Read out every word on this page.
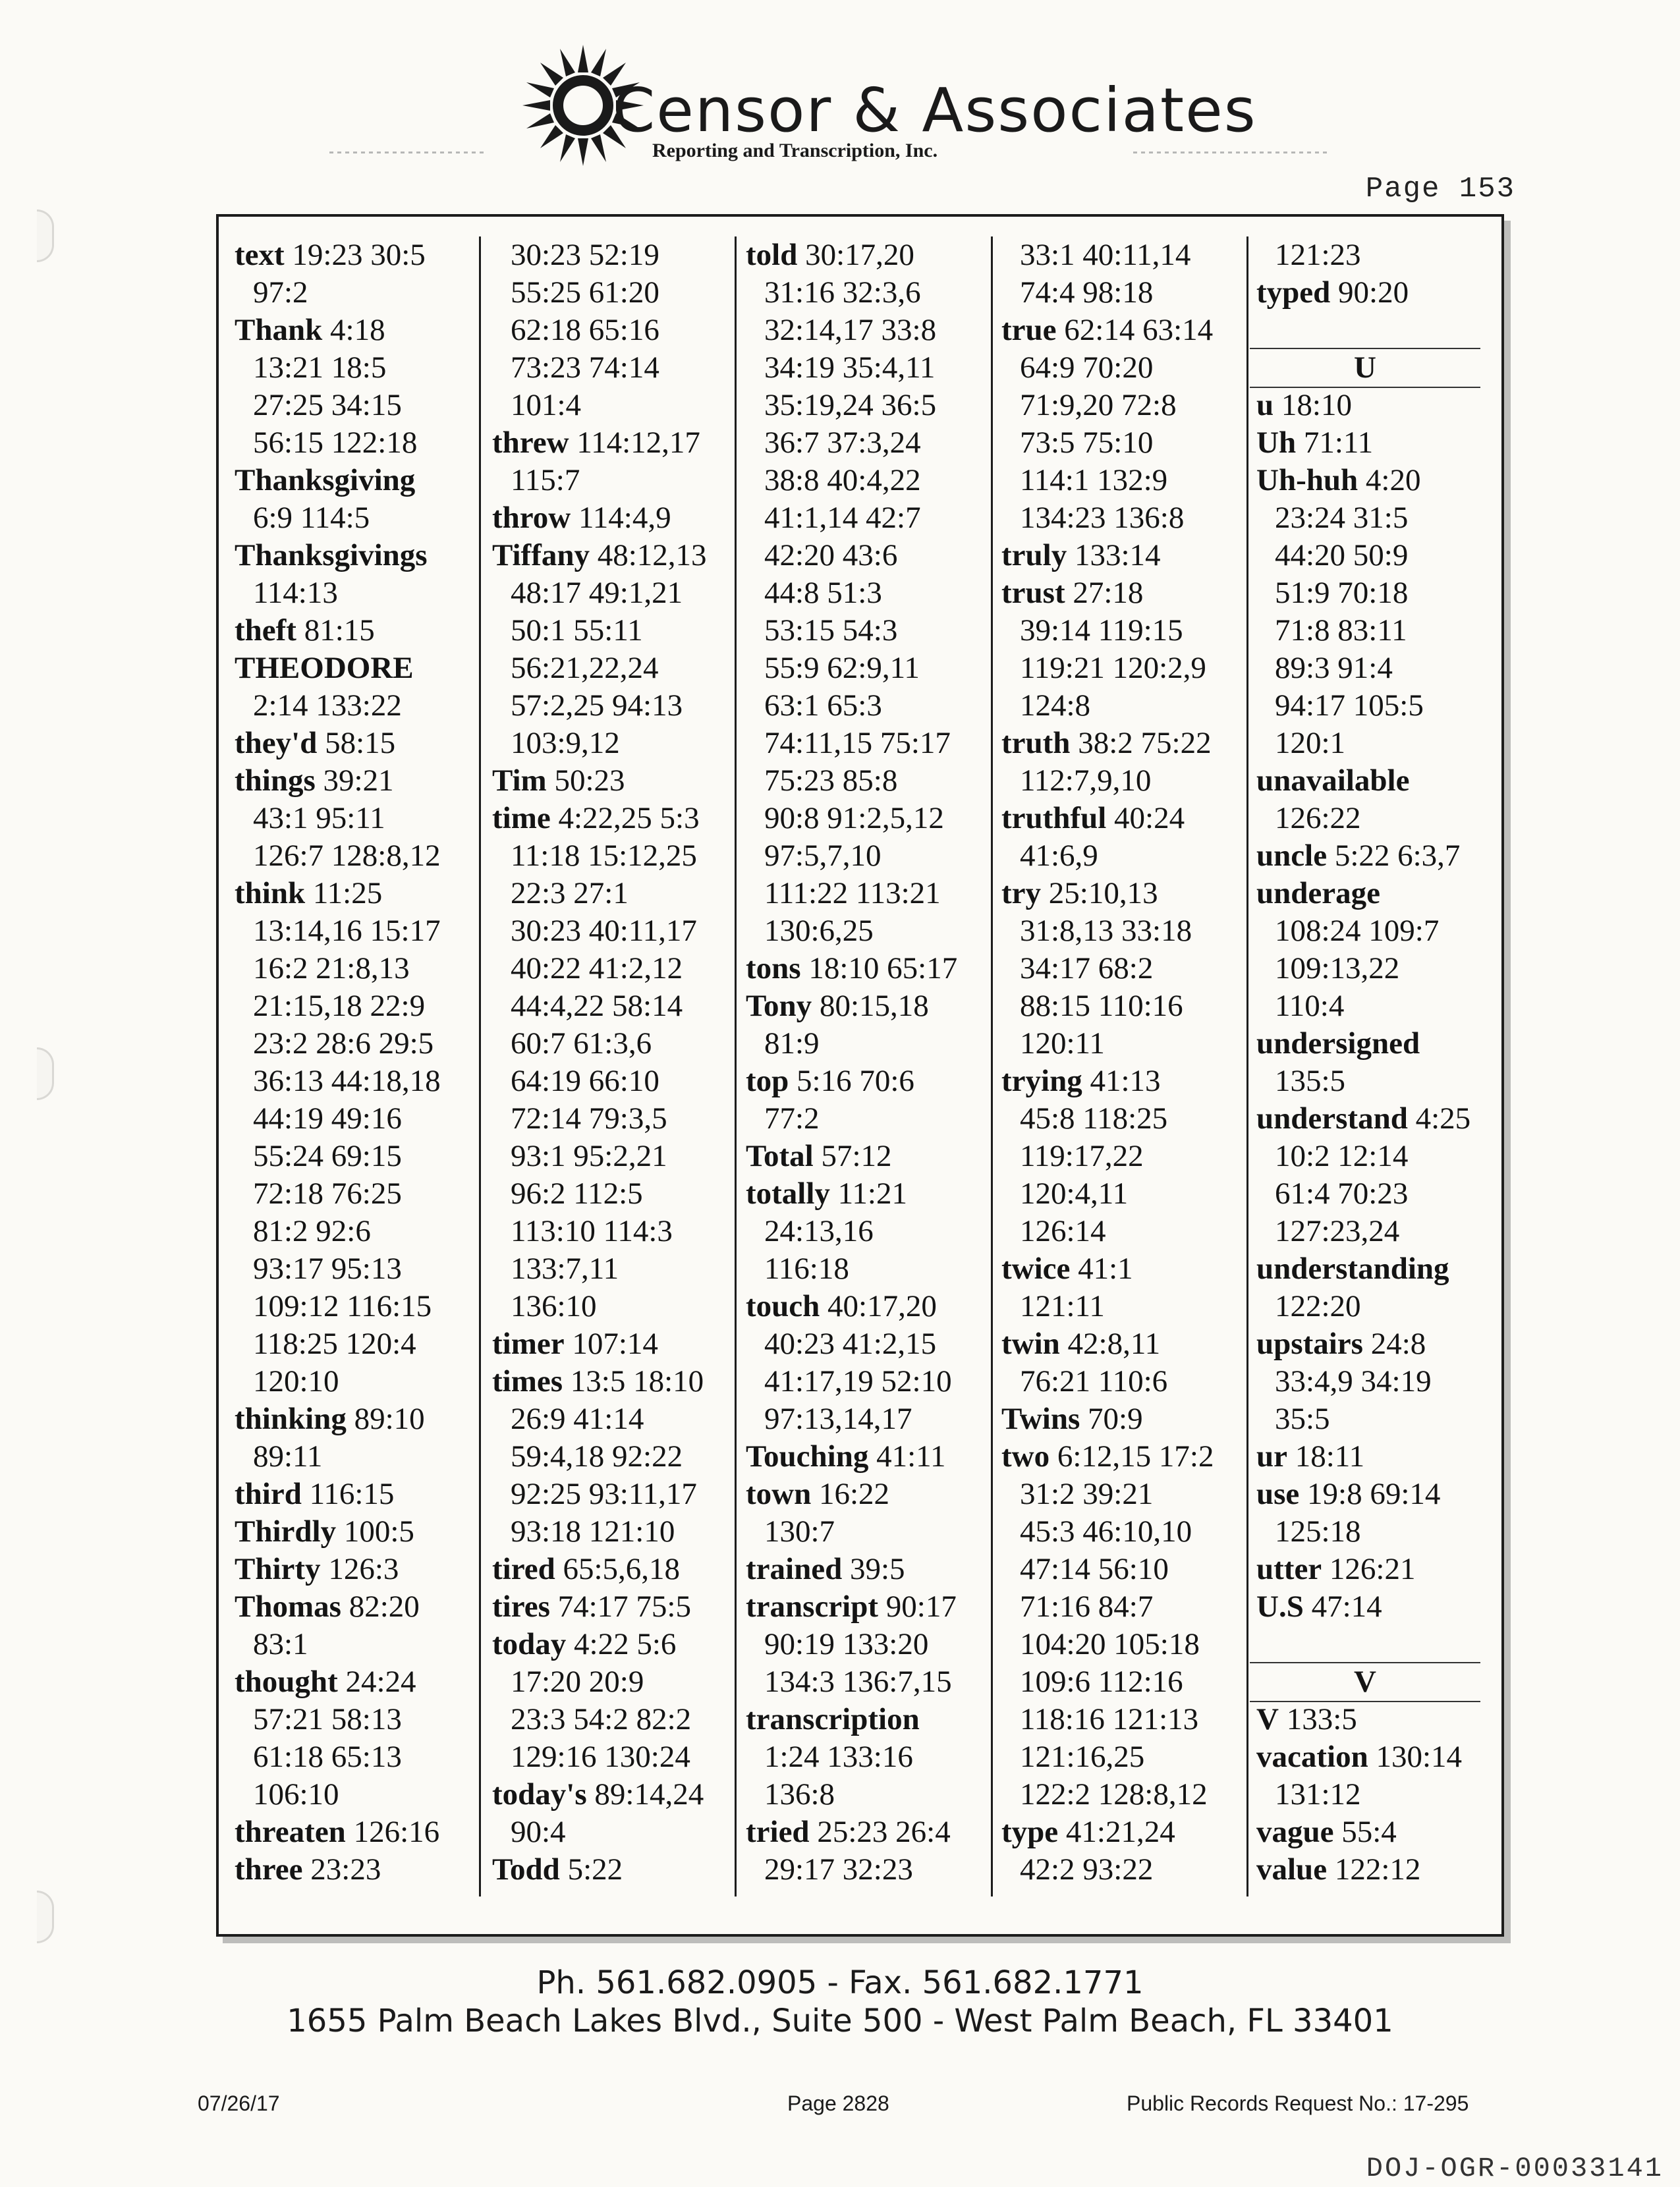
Censor & Associates
Reporting and Transcription, Inc.
Page 153
text 19:23 30:5
97:2
Thank 4:18
13:21 18:5
27:25 34:15
56:15 122:18
Thanksgiving
6:9 114:5
Thanksgivings
114:13
theft 81:15
THEODORE
2:14 133:22
they'd 58:15
things 39:21
43:1 95:11
126:7 128:8,12
think 11:25
13:14,16 15:17
16:2 21:8,13
21:15,18 22:9
23:2 28:6 29:5
36:13 44:18,18
44:19 49:16
55:24 69:15
72:18 76:25
81:2 92:6
93:17 95:13
109:12 116:15
118:25 120:4
120:10
thinking 89:10
89:11
third 116:15
Thirdly 100:5
Thirty 126:3
Thomas 82:20
83:1
thought 24:24
57:21 58:13
61:18 65:13
106:10
threaten 126:16
three 23:23
30:23 52:19
55:25 61:20
62:18 65:16
73:23 74:14
101:4
threw 114:12,17
115:7
throw 114:4,9
Tiffany 48:12,13
48:17 49:1,21
50:1 55:11
56:21,22,24
57:2,25 94:13
103:9,12
Tim 50:23
time 4:22,25 5:3
11:18 15:12,25
22:3 27:1
30:23 40:11,17
40:22 41:2,12
44:4,22 58:14
60:7 61:3,6
64:19 66:10
72:14 79:3,5
93:1 95:2,21
96:2 112:5
113:10 114:3
133:7,11
136:10
timer 107:14
times 13:5 18:10
26:9 41:14
59:4,18 92:22
92:25 93:11,17
93:18 121:10
tired 65:5,6,18
tires 74:17 75:5
today 4:22 5:6
17:20 20:9
23:3 54:2 82:2
129:16 130:24
today's 89:14,24
90:4
Todd 5:22
told 30:17,20
31:16 32:3,6
32:14,17 33:8
34:19 35:4,11
35:19,24 36:5
36:7 37:3,24
38:8 40:4,22
41:1,14 42:7
42:20 43:6
44:8 51:3
53:15 54:3
55:9 62:9,11
63:1 65:3
74:11,15 75:17
75:23 85:8
90:8 91:2,5,12
97:5,7,10
111:22 113:21
130:6,25
tons 18:10 65:17
Tony 80:15,18
81:9
top 5:16 70:6
77:2
Total 57:12
totally 11:21
24:13,16
116:18
touch 40:17,20
40:23 41:2,15
41:17,19 52:10
97:13,14,17
Touching 41:11
town 16:22
130:7
trained 39:5
transcript 90:17
90:19 133:20
134:3 136:7,15
transcription
1:24 133:16
136:8
tried 25:23 26:4
29:17 32:23
33:1 40:11,14
74:4 98:18
true 62:14 63:14
64:9 70:20
71:9,20 72:8
73:5 75:10
114:1 132:9
134:23 136:8
truly 133:14
trust 27:18
39:14 119:15
119:21 120:2,9
124:8
truth 38:2 75:22
112:7,9,10
truthful 40:24
41:6,9
try 25:10,13
31:8,13 33:18
34:17 68:2
88:15 110:16
120:11
trying 41:13
45:8 118:25
119:17,22
120:4,11
126:14
twice 41:1
121:11
twin 42:8,11
76:21 110:6
Twins 70:9
two 6:12,15 17:2
31:2 39:21
45:3 46:10,10
47:14 56:10
71:16 84:7
104:20 105:18
109:6 112:16
118:16 121:13
121:16,25
122:2 128:8,12
type 41:21,24
42:2 93:22
121:23
typed 90:20
U
u 18:10
Uh 71:11
Uh-huh 4:20
23:24 31:5
44:20 50:9
51:9 70:18
71:8 83:11
89:3 91:4
94:17 105:5
120:1
unavailable
126:22
uncle 5:22 6:3,7
underage
108:24 109:7
109:13,22
110:4
undersigned
135:5
understand 4:25
10:2 12:14
61:4 70:23
127:23,24
understanding
122:20
upstairs 24:8
33:4,9 34:19
35:5
ur 18:11
use 19:8 69:14
125:18
utter 126:21
U.S 47:14
V
V 133:5
vacation 130:14
131:12
vague 55:4
value 122:12
Ph. 561.682.0905 - Fax. 561.682.1771
1655 Palm Beach Lakes Blvd., Suite 500 - West Palm Beach, FL 33401
07/26/17	Page 2828	Public Records Request No.: 17-295
DOJ-OGR-00033141
